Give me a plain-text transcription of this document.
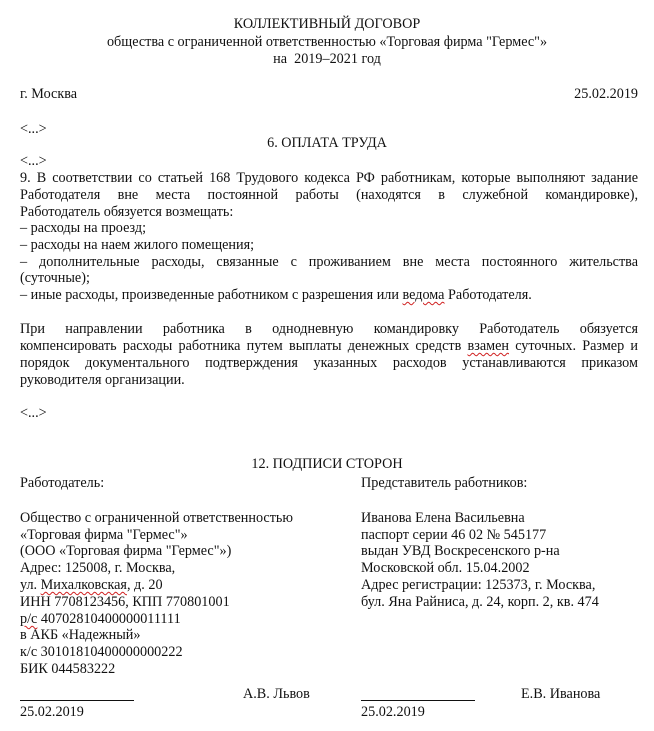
КОЛЛЕКТИВНЫЙ ДОГОВОР
общества с ограниченной ответственностью «Торговая фирма "Гермес"»
на  2019–2021 год
г. Москва	25.02.2019
<...>
6. ОПЛАТА ТРУДА
<...>
9. В соответствии со статьей 168 Трудового кодекса РФ работникам, которые выполняют задание
Работодателя вне места постоянной работы (находятся в служебной командировке),
Работодатель обязуется возмещать:
– расходы на проезд;
– расходы на наем жилого помещения;
– дополнительные расходы, связанные с проживанием вне места постоянного жительства
(суточные);
– иные расходы, произведенные работником с разрешения или ведома Работодателя.
При направлении работника в однодневную командировку Работодатель обязуется
компенсировать расходы работника путем выплаты денежных средств взамен суточных. Размер и
порядок документального подтверждения указанных расходов устанавливаются приказом
руководителя организации.
<...>
12. ПОДПИСИ СТОРОН
Работодатель:	Представитель работников:
Общество с ограниченной ответственностью
«Торговая фирма "Гермес"»
(ООО «Торговая фирма "Гермес"»)
Адрес: 125008, г. Москва,
ул. Михалковская, д. 20
ИНН 7708123456, КПП 770801001
р/с 40702810400000011111
в АКБ «Надежный»
к/с 30101810400000000222
БИК 044583222
Иванова Елена Васильевна
паспорт серии 46 02 № 545177
выдан УВД Воскресенского р-на
Московской обл. 15.04.2002
Адрес регистрации: 125373, г. Москва,
бул. Яна Райниса, д. 24, корп. 2, кв. 474
А.В. Львов
25.02.2019
Е.В. Иванова
25.02.2019
